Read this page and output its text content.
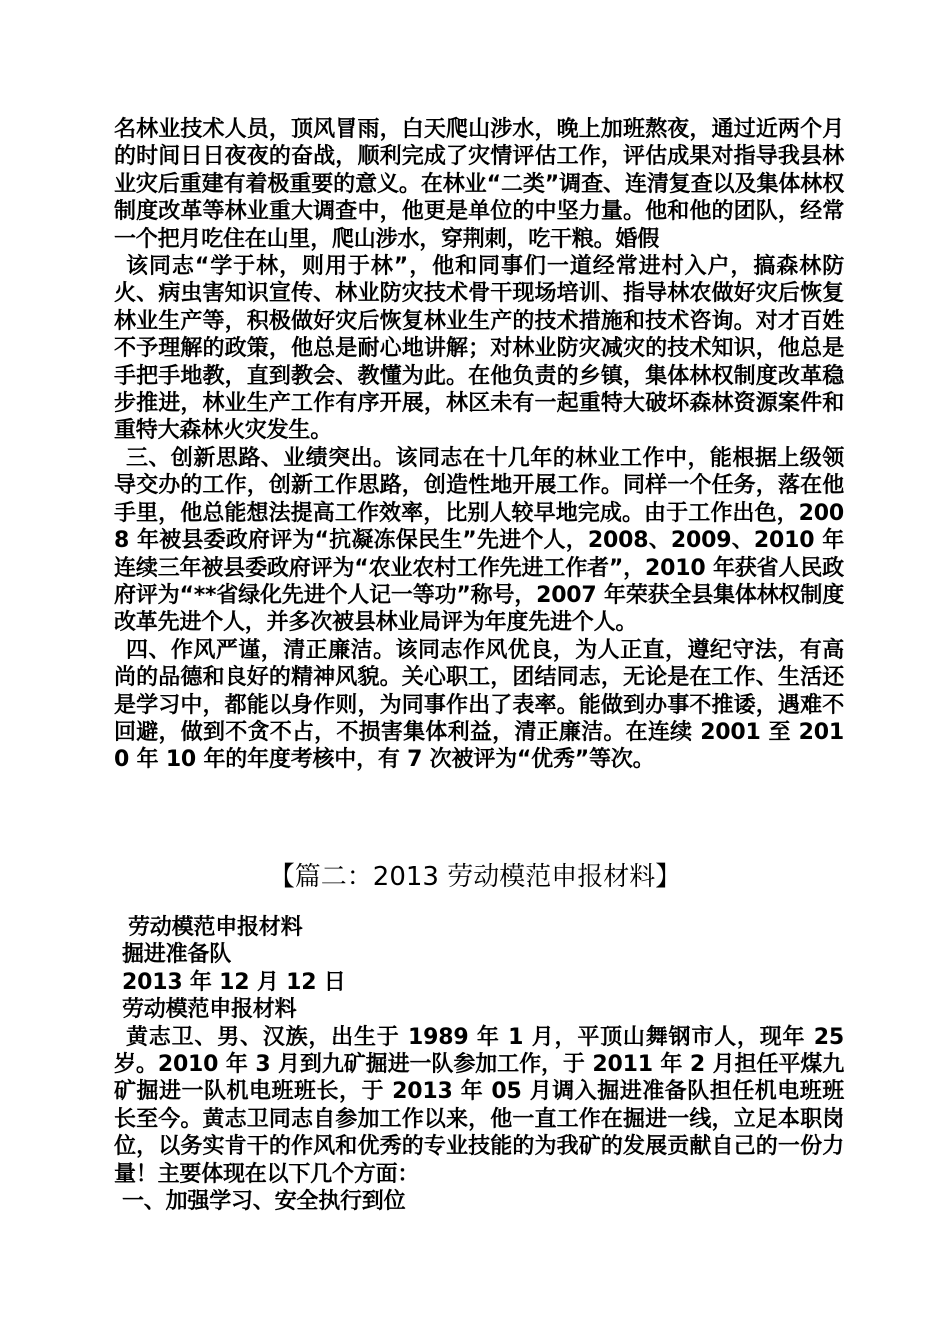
名林业技术人员，顶风冒雨，白天爬山涉水，晚上加班熬夜，通过近两个月的时间日日夜夜的奋战，顺利完成了灾情评估工作，评估成果对指导我县林业灾后重建有着极重要的意义。在林业“二类”调查、连清复查以及集体林权制度改革等林业重大调查中，他更是单位的中坚力量。他和他的团队，经常一个把月吃住在山里，爬山涉水，穿荆刺，吃干粮。婚假

该同志“学于林，则用于林”，他和同事们一道经常进村入户，搞森林防火、病虫害知识宣传、林业防灾技术骨干现场培训、指导林农做好灾后恢复林业生产等，积极做好灾后恢复林业生产的技术措施和技术咨询。对才百姓不予理解的政策，他总是耐心地讲解；对林业防灾减灾的技术知识，他总是手把手地教，直到教会、教懂为此。在他负责的乡镇，集体林权制度改革稳步推进，林业生产工作有序开展，林区未有一起重特大破坏森林资源案件和重特大森林火灾发生。

三、创新思路、业绩突出。该同志在十几年的林业工作中，能根据上级领导交办的工作，创新工作思路，创造性地开展工作。同样一个任务，落在他手里，他总能想法提高工作效率，比别人较早地完成。由于工作出色，2008 年被县委政府评为“抗凝冻保民生”先进个人，2008、2009、2010 年连续三年被县委政府评为“农业农村工作先进工作者”，2010 年获省人民政府评为“**省绿化先进个人记一等功”称号，2007 年荣获全县集体林权制度改革先进个人，并多次被县林业局评为年度先进个人。

四、作风严谨，清正廉洁。该同志作风优良，为人正直，遵纪守法，有高尚的品德和良好的精神风貌。关心职工，团结同志，无论是在工作、生活还是学习中，都能以身作则，为同事作出了表率。能做到办事不推诿，遇难不回避，做到不贪不占，不损害集体利益，清正廉洁。在连续 2001 至 2010 年 10 年的年度考核中，有 7 次被评为“优秀”等次。

【篇二：2013 劳动模范申报材料】

劳动模范申报材料

掘进准备队

2013 年 12 月 12 日

劳动模范申报材料

黄志卫、男、汉族，出生于 1989 年 1 月，平顶山舞钢市人，现年 25 岁。2010 年 3 月到九矿掘进一队参加工作，于 2011 年 2 月担任平煤九矿掘进一队机电班班长，于 2013 年 05 月调入掘进准备队担任机电班班长至今。黄志卫同志自参加工作以来，他一直工作在掘进一线，立足本职岗位，以务实肯干的作风和优秀的专业技能的为我矿的发展贡献自己的一份力量！主要体现在以下几个方面：

一、加强学习、安全执行到位
